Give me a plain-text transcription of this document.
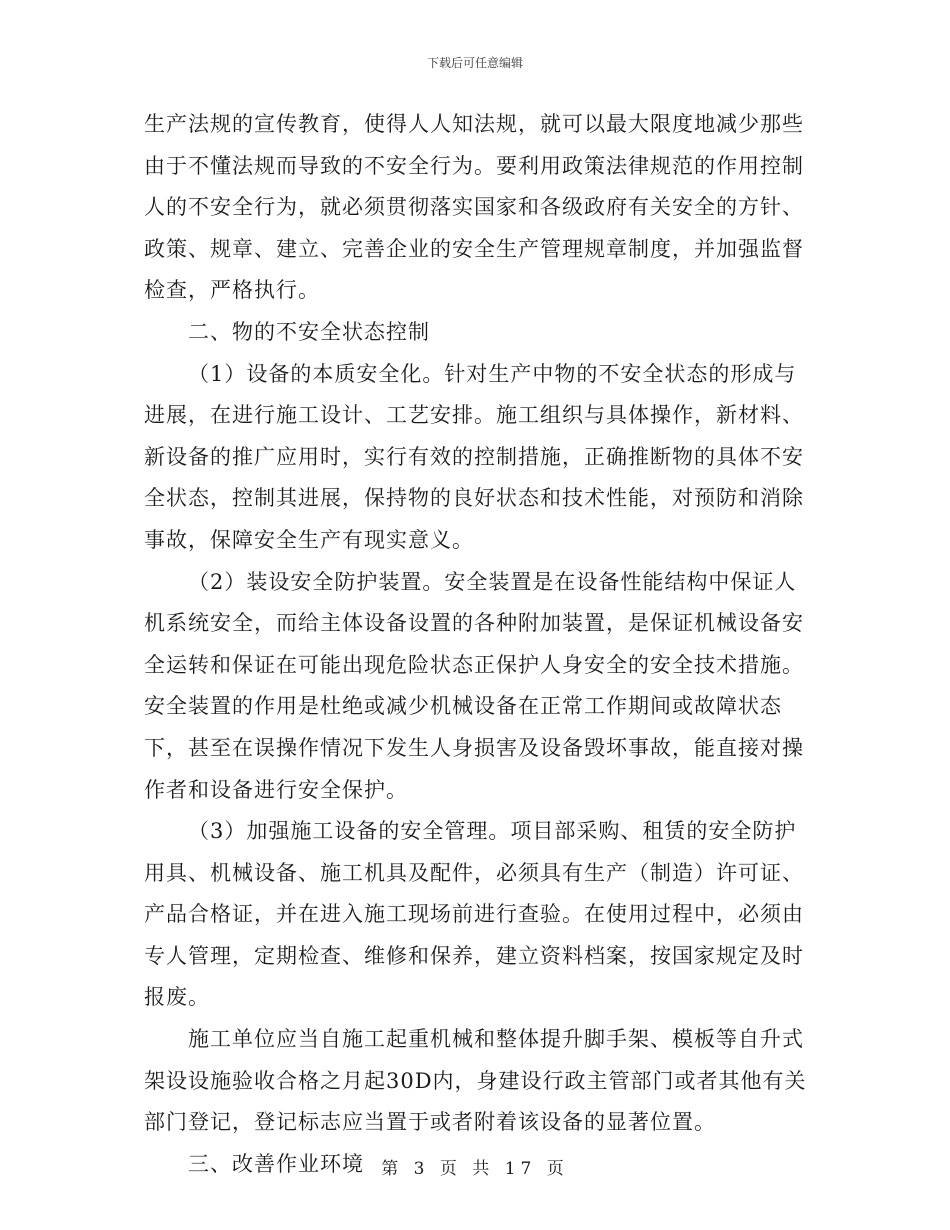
下载后可任意编辑

生产法规的宣传教育，使得人人知法规，就可以最大限度地减少那些由于不懂法规而导致的不安全行为。要利用政策法律规范的作用控制人的不安全行为，就必须贯彻落实国家和各级政府有关安全的方针、政策、规章、建立、完善企业的安全生产管理规章制度，并加强监督检查，严格执行。

二、物的不安全状态控制

（1）设备的本质安全化。针对生产中物的不安全状态的形成与进展，在进行施工设计、工艺安排。施工组织与具体操作，新材料、新设备的推广应用时，实行有效的控制措施，正确推断物的具体不安全状态，控制其进展，保持物的良好状态和技术性能，对预防和消除事故，保障安全生产有现实意义。

（2）装设安全防护装置。安全装置是在设备性能结构中保证人机系统安全，而给主体设备设置的各种附加装置，是保证机械设备安全运转和保证在可能出现危险状态正保护人身安全的安全技术措施。安全装置的作用是杜绝或减少机械设备在正常工作期间或故障状态下，甚至在误操作情况下发生人身损害及设备毁坏事故，能直接对操作者和设备进行安全保护。

（3）加强施工设备的安全管理。项目部采购、租赁的安全防护用具、机械设备、施工机具及配件，必须具有生产（制造）许可证、产品合格证，并在进入施工现场前进行查验。在使用过程中，必须由专人管理，定期检查、维修和保养，建立资料档案，按国家规定及时报废。

施工单位应当自施工起重机械和整体提升脚手架、模板等自升式架设设施验收合格之月起30D内，身建设行政主管部门或者其他有关部门登记，登记标志应当置于或者附着该设备的显著位置。

三、改善作业环境	第 3 页 共 17 页
